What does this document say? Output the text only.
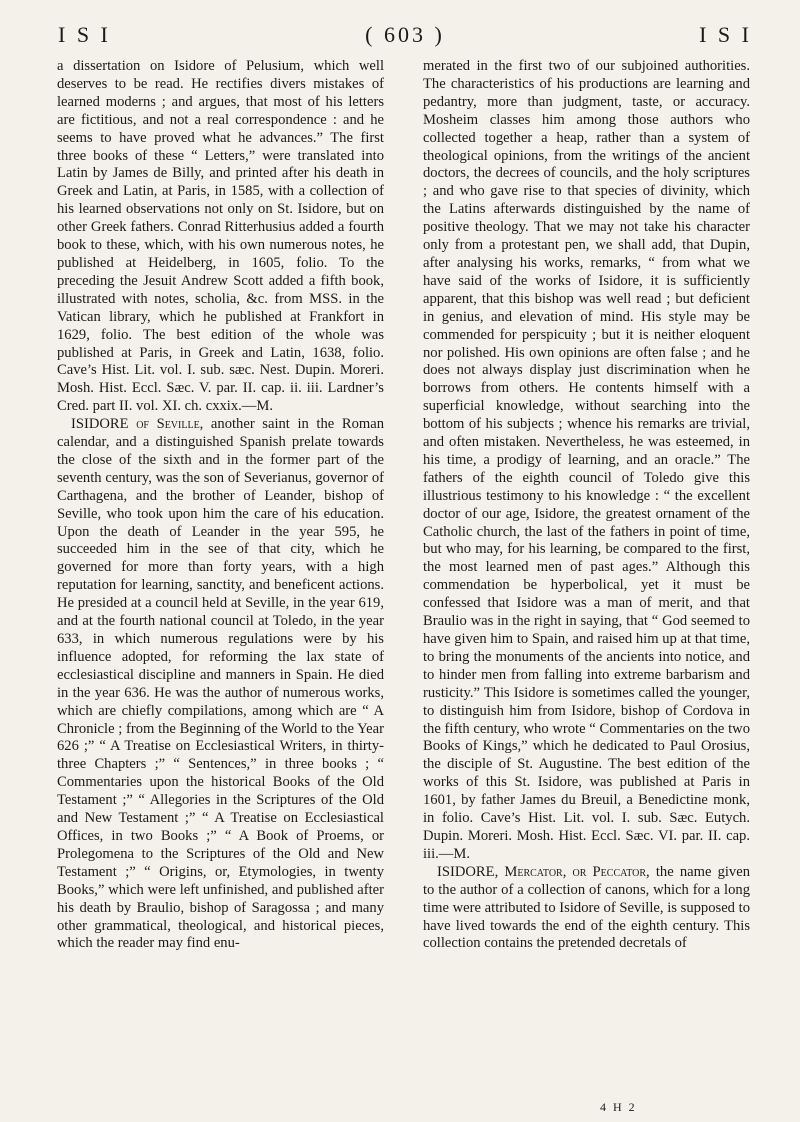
I S I	( 603 )	I S I

a dissertation on Isidore of Pelusium, which well deserves to be read. He rectifies divers mistakes of learned moderns ; and argues, that most of his letters are fictitious, and not a real correspondence : and he seems to have proved what he advances.” The first three books of these “ Letters,” were translated into Latin by James de Billy, and printed after his death in Greek and Latin, at Paris, in 1585, with a collection of his learned observations not only on St. Isidore, but on other Greek fathers. Conrad Ritterhusius added a fourth book to these, which, with his own numerous notes, he published at Heidelberg, in 1605, folio. To the preceding the Jesuit Andrew Scott added a fifth book, illustrated with notes, scholia, &c. from MSS. in the Vatican library, which he published at Frankfort in 1629, folio. The best edition of the whole was published at Paris, in Greek and Latin, 1638, folio. Cave’s Hist. Lit. vol. I. sub. sæc. Nest. Dupin. Moreri. Mosh. Hist. Eccl. Sæc. V. par. II. cap. ii. iii. Lardner’s Cred. part II. vol. XI. ch. cxxix.—M.

ISIDORE of Seville, another saint in the Roman calendar, and a distinguished Spanish prelate towards the close of the sixth and in the former part of the seventh century, was the son of Severianus, governor of Carthagena, and the brother of Leander, bishop of Seville, who took upon him the care of his education. Upon the death of Leander in the year 595, he succeeded him in the see of that city, which he governed for more than forty years, with a high reputation for learning, sanctity, and beneficent actions. He presided at a council held at Seville, in the year 619, and at the fourth national council at Toledo, in the year 633, in which numerous regulations were by his influence adopted, for reforming the lax state of ecclesiastical discipline and manners in Spain. He died in the year 636. He was the author of numerous works, which are chiefly compilations, among which are “ A Chronicle ; from the Beginning of the World to the Year 626 ;” “ A Treatise on Ecclesiastical Writers, in thirty-three Chapters ;” “ Sentences,” in three books ; “ Commentaries upon the historical Books of the Old Testament ;” “ Allegories in the Scriptures of the Old and New Testament ;” “ A Treatise on Ecclesiastical Offices, in two Books ;” “ A Book of Proems, or Prolegomena to the Scriptures of the Old and New Testament ;” “ Origins, or, Etymologies, in twenty Books,” which were left unfinished, and published after his death by Braulio, bishop of Saragossa ; and many other grammatical, theological, and historical pieces, which the reader may find enu-

merated in the first two of our subjoined authorities. The characteristics of his productions are learning and pedantry, more than judgment, taste, or accuracy. Mosheim classes him among those authors who collected together a heap, rather than a system of theological opinions, from the writings of the ancient doctors, the decrees of councils, and the holy scriptures ; and who gave rise to that species of divinity, which the Latins afterwards distinguished by the name of positive theology. That we may not take his character only from a protestant pen, we shall add, that Dupin, after analysing his works, remarks, “ from what we have said of the works of Isidore, it is sufficiently apparent, that this bishop was well read ; but deficient in genius, and elevation of mind. His style may be commended for perspicuity ; but it is neither eloquent nor polished. His own opinions are often false ; and he does not always display just discrimination when he borrows from others. He contents himself with a superficial knowledge, without searching into the bottom of his subjects ; whence his remarks are trivial, and often mistaken. Nevertheless, he was esteemed, in his time, a prodigy of learning, and an oracle.” The fathers of the eighth council of Toledo give this illustrious testimony to his knowledge : “ the excellent doctor of our age, Isidore, the greatest ornament of the Catholic church, the last of the fathers in point of time, but who may, for his learning, be compared to the first, the most learned men of past ages.” Although this commendation be hyperbolical, yet it must be confessed that Isidore was a man of merit, and that Braulio was in the right in saying, that “ God seemed to have given him to Spain, and raised him up at that time, to bring the monuments of the ancients into notice, and to hinder men from falling into extreme barbarism and rusticity.” This Isidore is sometimes called the younger, to distinguish him from Isidore, bishop of Cordova in the fifth century, who wrote “ Commentaries on the two Books of Kings,” which he dedicated to Paul Orosius, the disciple of St. Augustine. The best edition of the works of this St. Isidore, was published at Paris in 1601, by father James du Breuil, a Benedictine monk, in folio. Cave’s Hist. Lit. vol. I. sub. Sæc. Eutych. Dupin. Moreri. Mosh. Hist. Eccl. Sæc. VI. par. II. cap. iii.—M.

ISIDORE, Mercator, or Peccator, the name given to the author of a collection of canons, which for a long time were attributed to Isidore of Seville, is supposed to have lived towards the end of the eighth century. This collection contains the pretended decretals of

4 H 2
